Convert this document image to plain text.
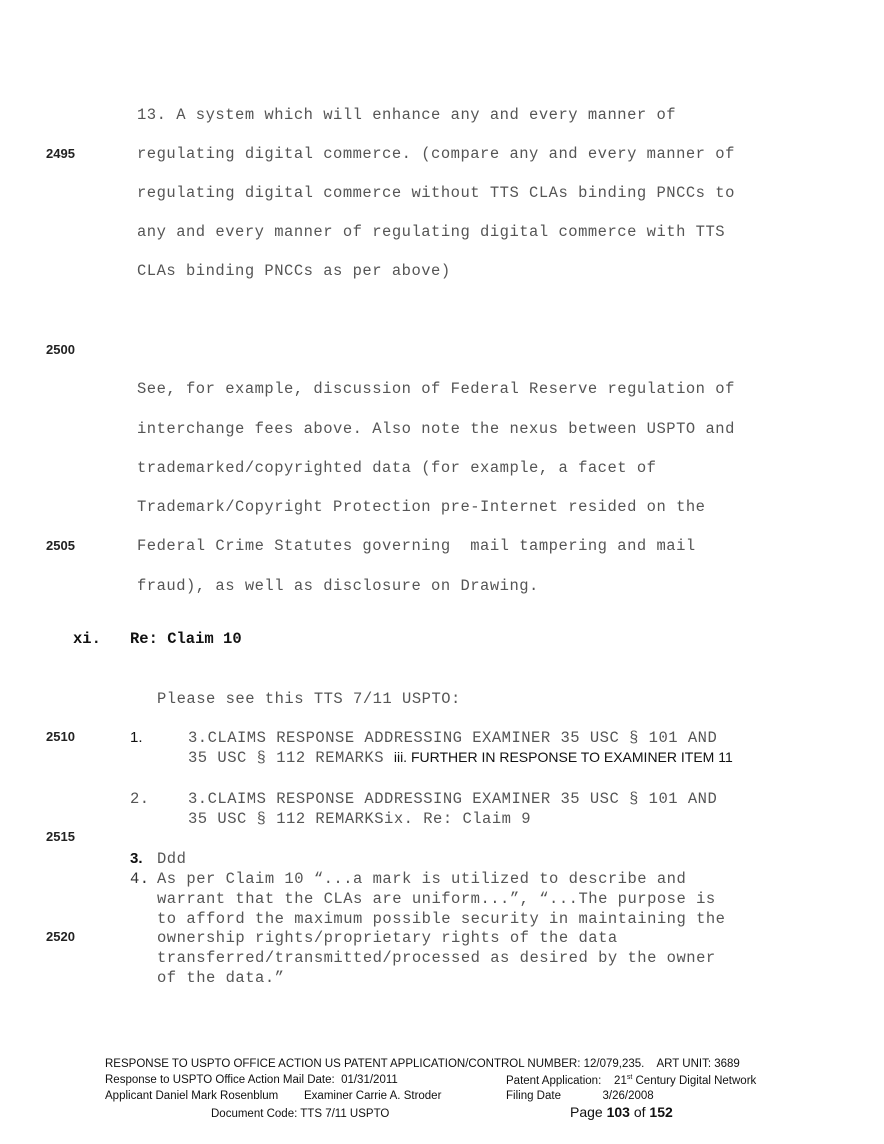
2495
2500
2505
2510
2515
2520
13. A system which will enhance any and every manner of
regulating digital commerce. (compare any and every manner of
regulating digital commerce without TTS CLAs binding PNCCs to
any and every manner of regulating digital commerce with TTS
CLAs binding PNCCs as per above)
See, for example, discussion of Federal Reserve regulation of
interchange fees above. Also note the nexus between USPTO and
trademarked/copyrighted data (for example, a facet of
Trademark/Copyright Protection pre-Internet resided on the
Federal Crime Statutes governing  mail tampering and mail
fraud), as well as disclosure on Drawing.
xi. Re: Claim 10
Please see this TTS 7/11 USPTO:
1.	3.CLAIMS RESPONSE ADDRESSING EXAMINER 35 USC § 101 AND
35 USC § 112 REMARKS iii. FURTHER IN RESPONSE TO EXAMINER ITEM 11
2. 3.CLAIMS RESPONSE ADDRESSING EXAMINER 35 USC § 101 AND
35 USC § 112 REMARKSix. Re: Claim 9
3. Ddd
4. As per Claim 10 “...a mark is utilized to describe and
warrant that the CLAs are uniform...”, “...The purpose is
to afford the maximum possible security in maintaining the
ownership rights/proprietary rights of the data
transferred/transmitted/processed as desired by the owner
of the data.”
RESPONSE TO USPTO OFFICE ACTION US PATENT APPLICATION/CONTROL NUMBER: 12/079,235.    ART UNIT: 3689
Response to USPTO Office Action Mail Date:  01/31/2011	Patent Application:    21st Century Digital Network
Applicant Daniel Mark Rosenblum Examiner Carrie A. Stroder	Filing Date             3/26/2008
Document Code: TTS 7/11 USPTO	Page 103 of 152
